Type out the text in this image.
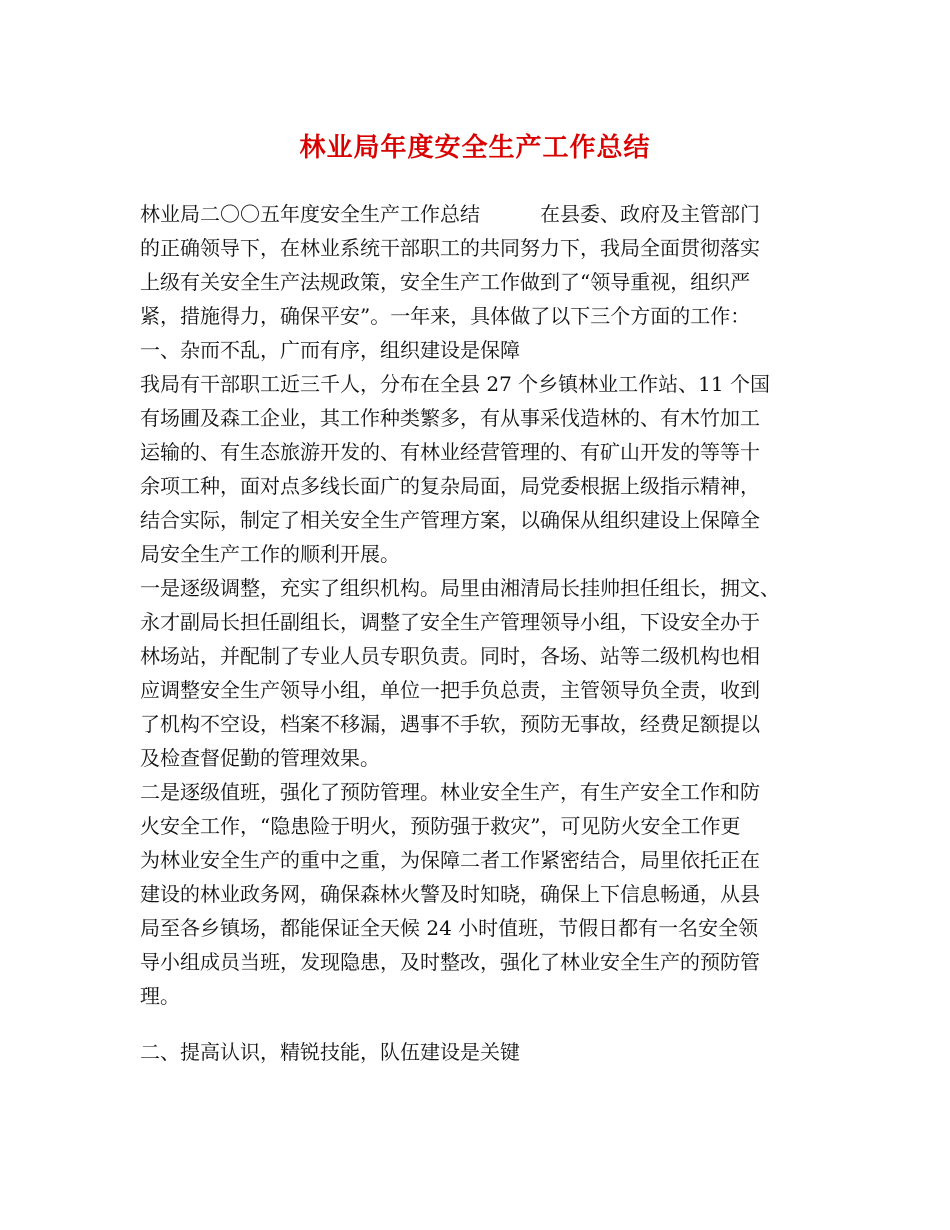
林业局年度安全生产工作总结
林业局二〇〇五年度安全生产工作总结　　　在县委、政府及主管部门
的正确领导下，在林业系统干部职工的共同努力下，我局全面贯彻落实
上级有关安全生产法规政策，安全生产工作做到了“领导重视，组织严
紧，措施得力，确保平安”。一年来，具体做了以下三个方面的工作：
一、杂而不乱，广而有序，组织建设是保障
我局有干部职工近三千人，分布在全县 27 个乡镇林业工作站、11 个国
有场圃及森工企业，其工作种类繁多，有从事采伐造林的、有木竹加工
运输的、有生态旅游开发的、有林业经营管理的、有矿山开发的等等十
余项工种，面对点多线长面广的复杂局面，局党委根据上级指示精神，
结合实际，制定了相关安全生产管理方案，以确保从组织建设上保障全
局安全生产工作的顺利开展。
一是逐级调整，充实了组织机构。局里由湘清局长挂帅担任组长，拥文、
永才副局长担任副组长，调整了安全生产管理领导小组，下设安全办于
林场站，并配制了专业人员专职负责。同时，各场、站等二级机构也相
应调整安全生产领导小组，单位一把手负总责，主管领导负全责，收到
了机构不空设，档案不移漏，遇事不手软，预防无事故，经费足额提以
及检查督促勤的管理效果。
二是逐级值班，强化了预防管理。林业安全生产，有生产安全工作和防
火安全工作，“隐患险于明火，预防强于救灾”，可见防火安全工作更
为林业安全生产的重中之重，为保障二者工作紧密结合，局里依托正在
建设的林业政务网，确保森林火警及时知晓，确保上下信息畅通，从县
局至各乡镇场，都能保证全天候 24 小时值班，节假日都有一名安全领
导小组成员当班，发现隐患，及时整改，强化了林业安全生产的预防管
理。
二、提高认识，精锐技能，队伍建设是关键
